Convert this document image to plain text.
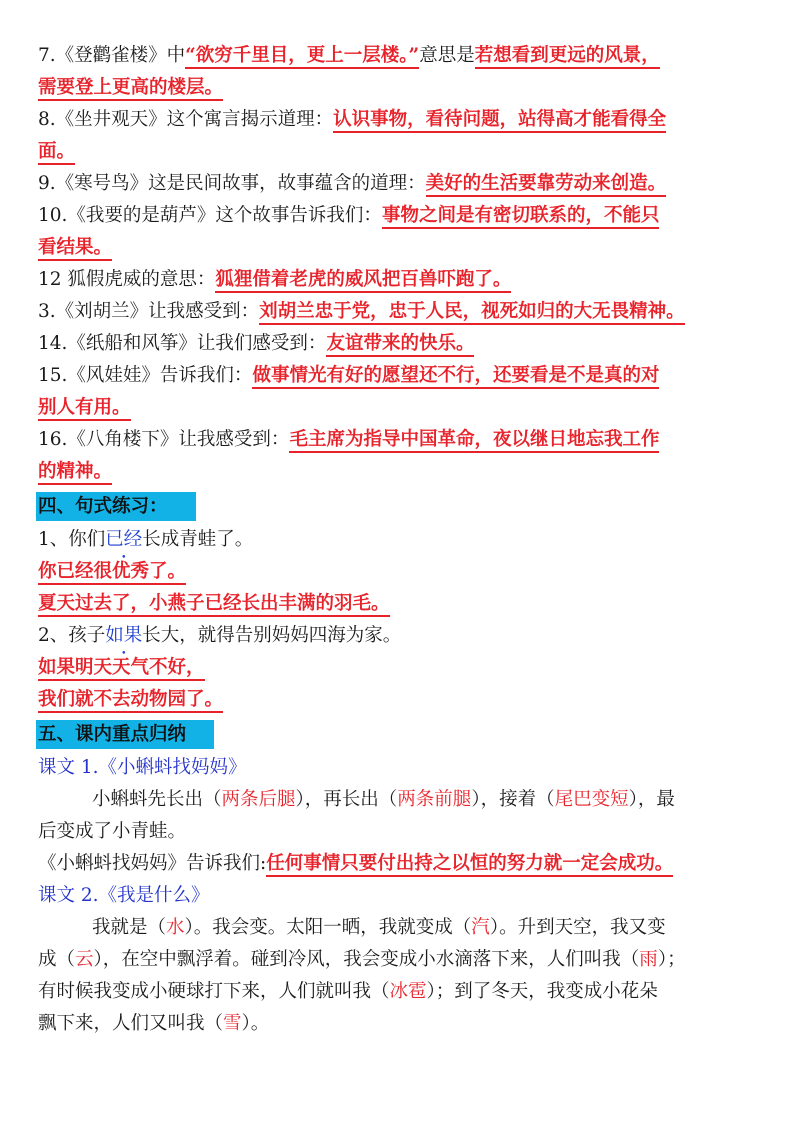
7.《登鹳雀楼》中“欲穷千里目，更上一层楼。”意思是若想看到更远的风景，
需要登上更高的楼层。
8.《坐井观天》这个寓言揭示道理：认识事物，看待问题，站得高才能看得全
面。
9.《寒号鸟》这是民间故事，故事蕴含的道理：美好的生活要靠劳动来创造。
10.《我要的是葫芦》这个故事告诉我们：事物之间是有密切联系的，不能只
看结果。
12 狐假虎威的意思：狐狸借着老虎的威风把百兽吓跑了。
3.《刘胡兰》让我感受到：刘胡兰忠于党，忠于人民，视死如归的大无畏精神。
14.《纸船和风筝》让我们感受到：友谊带来的快乐。
15.《风娃娃》告诉我们：做事情光有好的愿望还不行，还要看是不是真的对
别人有用。
16.《八角楼下》让我感受到：毛主席为指导中国革命，夜以继日地忘我工作
的精神。
四、句式练习：
1、你们已经长成青蛙了。
你已经很优秀了。
夏天过去了，小燕子已经长出丰满的羽毛。
2、孩子如果长大，就得告别妈妈四海为家。
如果明天天气不好，
我们就不去动物园了。
五、课内重点归纳
课文 1.《小蝌蚪找妈妈》
小蝌蚪先长出（两条后腿），再长出（两条前腿），接着（尾巴变短），最
后变成了小青蛙。
《小蝌蚪找妈妈》告诉我们:任何事情只要付出持之以恒的努力就一定会成功。
课文 2.《我是什么》
我就是（水）。我会变。太阳一晒，我就变成（汽）。升到天空，我又变
成（云），在空中飘浮着。碰到冷风，我会变成小水滴落下来，人们叫我（雨）；
有时候我变成小硬球打下来，人们就叫我（冰雹）；到了冬天，我变成小花朵
飘下来，人们又叫我（雪）。
